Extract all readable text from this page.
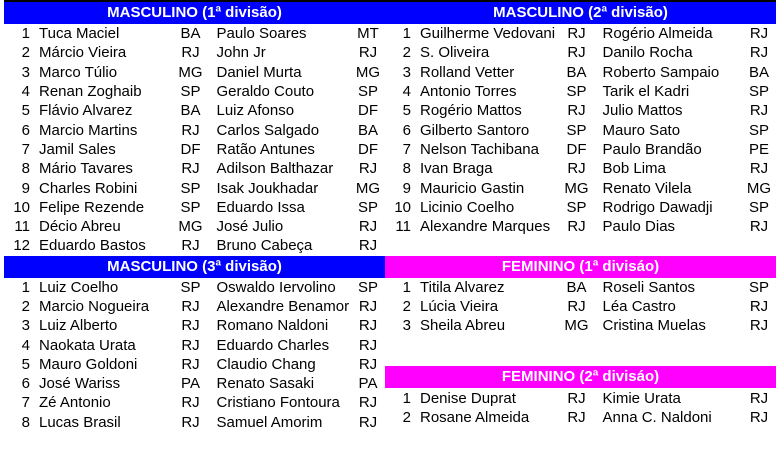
MASCULINO (1ª divisão)
1 Tuca Maciel	BA	Paulo Soares	MT
2 Márcio Vieira	RJ	John Jr	RJ
3 Marco Túlio	MG Daniel Murta	MG
4 Renan Zoghaib	SP	Geraldo Couto	SP
5 Flávio Alvarez	BA	Luiz Afonso	DF
6 Marcio Martins	RJ	Carlos Salgado	BA
7 Jamil Sales	DF	Ratão Antunes	DF
8 Mário Tavares	RJ	Adilson Balthazar	RJ
9 Charles Robini	SP	Isak Joukhadar	MG
10 Felipe Rezende	SP	Eduardo Issa	SP
11 Décio Abreu	MG José Julio	RJ
12 Eduardo Bastos	RJ	Bruno Cabeça	RJ
MASCULINO (3ª divisão)
1 Luiz Coelho	SP	Oswaldo Iervolino	SP
2 Marcio Nogueira	RJ	Alexandre Benamor RJ
3 Luiz Alberto	RJ	Romano Naldoni	RJ
4 Naokata Urata	RJ	Eduardo Charles	RJ
5 Mauro Goldoni	RJ	Claudio Chang	RJ
6 José Wariss	PA	Renato Sasaki	PA
7 Zé Antonio	RJ	Cristiano Fontoura	RJ
8 Lucas Brasil	RJ	Samuel Amorim	RJ
MASCULINO (2ª divisão)
1 Guilherme Vedovani RJ	Rogério Almeida	RJ
2 S. Oliveira	RJ	Danilo Rocha	RJ
3 Rolland Vetter	BA	Roberto Sampaio	BA
4 Antonio Torres	SP	Tarik el Kadri	SP
5 Rogério Mattos	RJ	Julio Mattos	RJ
6 Gilberto Santoro	SP	Mauro Sato	SP
7 Nelson Tachibana	DF	Paulo Brandão	PE
8 Ivan Braga	RJ	Bob Lima	RJ
9 Mauricio Gastin	MG Renato Vilela	MG
10 Licinio Coelho	SP	Rodrigo Dawadji	SP
11 Alexandre Marques	RJ	Paulo Dias	RJ
FEMININO (1ª divisáo)
1 Titila Alvarez	BA	Roseli Santos	SP
2 Lúcia Vieira	RJ	Léa Castro	RJ
3 Sheila Abreu	MG Cristina Muelas	RJ
FEMININO (2ª divisáo)
1 Denise Duprat	RJ	Kimie Urata	RJ
2 Rosane Almeida	RJ	Anna C. Naldoni	RJ
